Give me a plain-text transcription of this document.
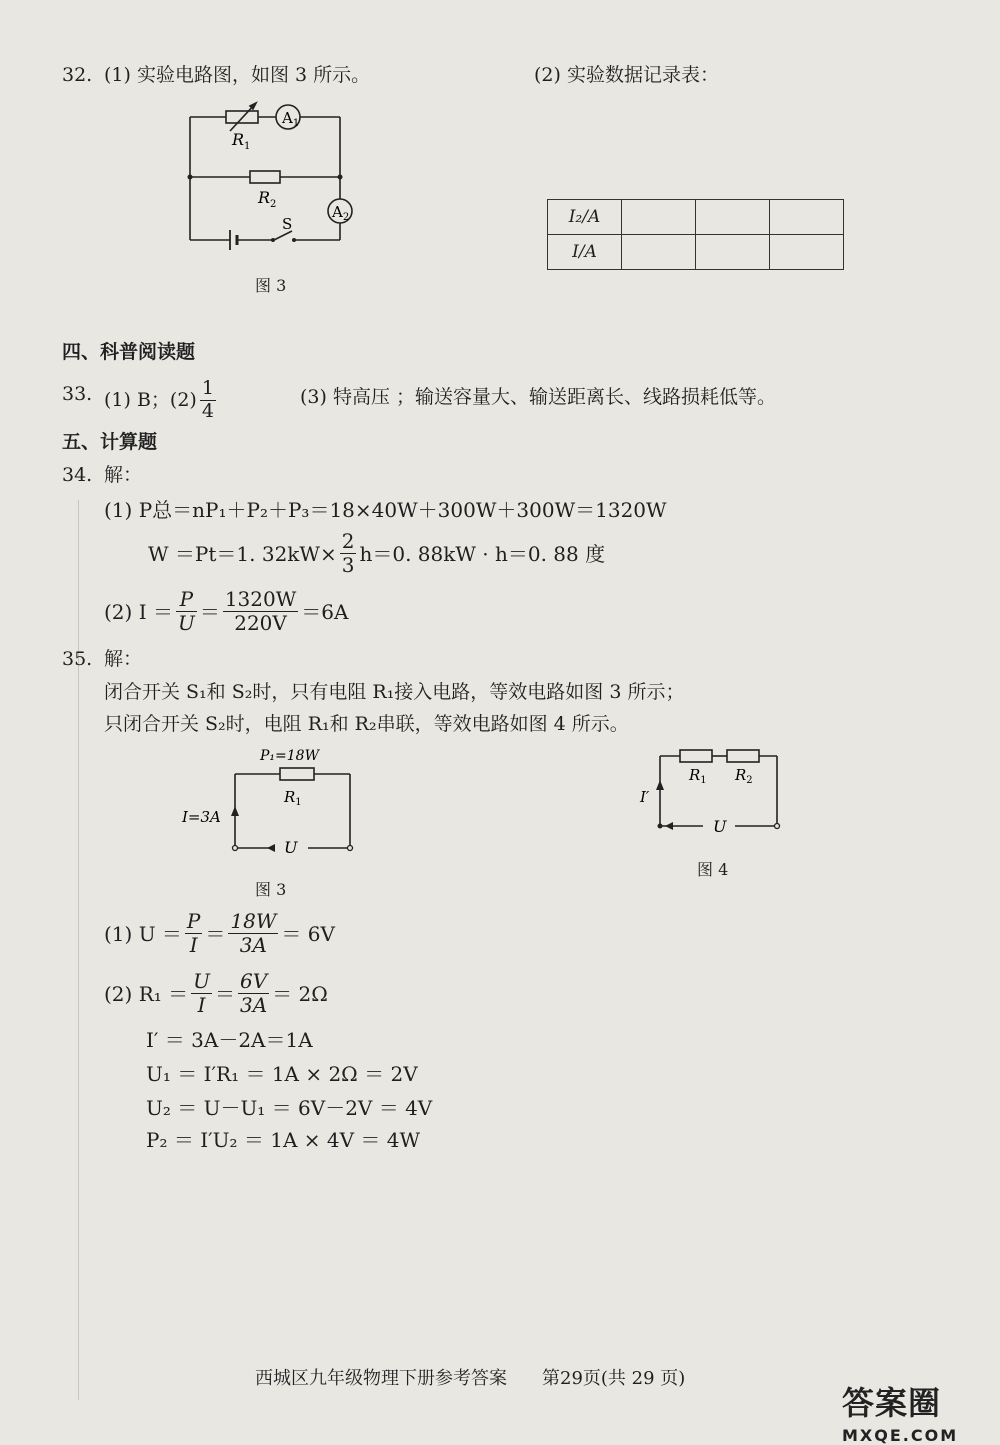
32. (1) 实验电路图，如图 3 所示。	(2) 实验数据记录表：
$A_1$
$A_2$
$R_1$
$R_2$
S
图 3
I₂/A			
I/A			
四、科普阅读题
33. (1) B；$(2) \frac{1}{4}$	(3) 特高压 ；输送容量大、输送距离长、线路损耗低等。
五、计算题
34. 解：
(1) P总＝nP₁＋P₂＋P₃＝18×40W＋300W＋300W＝1320W
W ＝Pt＝1. $32kW\times \frac{2}{3} h=0$. 88kW · h＝0. 88 度
(2) $I = \frac{P}{U} = \frac{1320W}{220V} =6A$
35. 解：
闭合开关 S₁和 S₂时，只有电阻 R₁接入电路，等效电路如图 3 所示；
只闭合开关 S₂时，电阻 R₁和 R₂串联，等效电路如图 4 所示。
P₁=18W
$R_1$
I=3A
U
图 3
$R_1$ $R_2$
I′
U
图 4
(1) $U = \frac{P}{I} = \frac{18W}{3A} = 6V$
(2) $R_1 = \frac{U}{I} = \frac{6V}{3A} = 2\Omega$
I′ ＝ 3A－2A＝1A
U₁ ＝ I′R₁ ＝ 1A × 2Ω ＝ 2V
U₂ ＝ U－U₁ ＝ 6V－2V ＝ 4V
P₂ ＝ I′U₂ ＝ 1A × 4V ＝ 4W
西城区九年级物理下册参考答案 第29页(共 29 页)
答案圈
MXQE.COM
